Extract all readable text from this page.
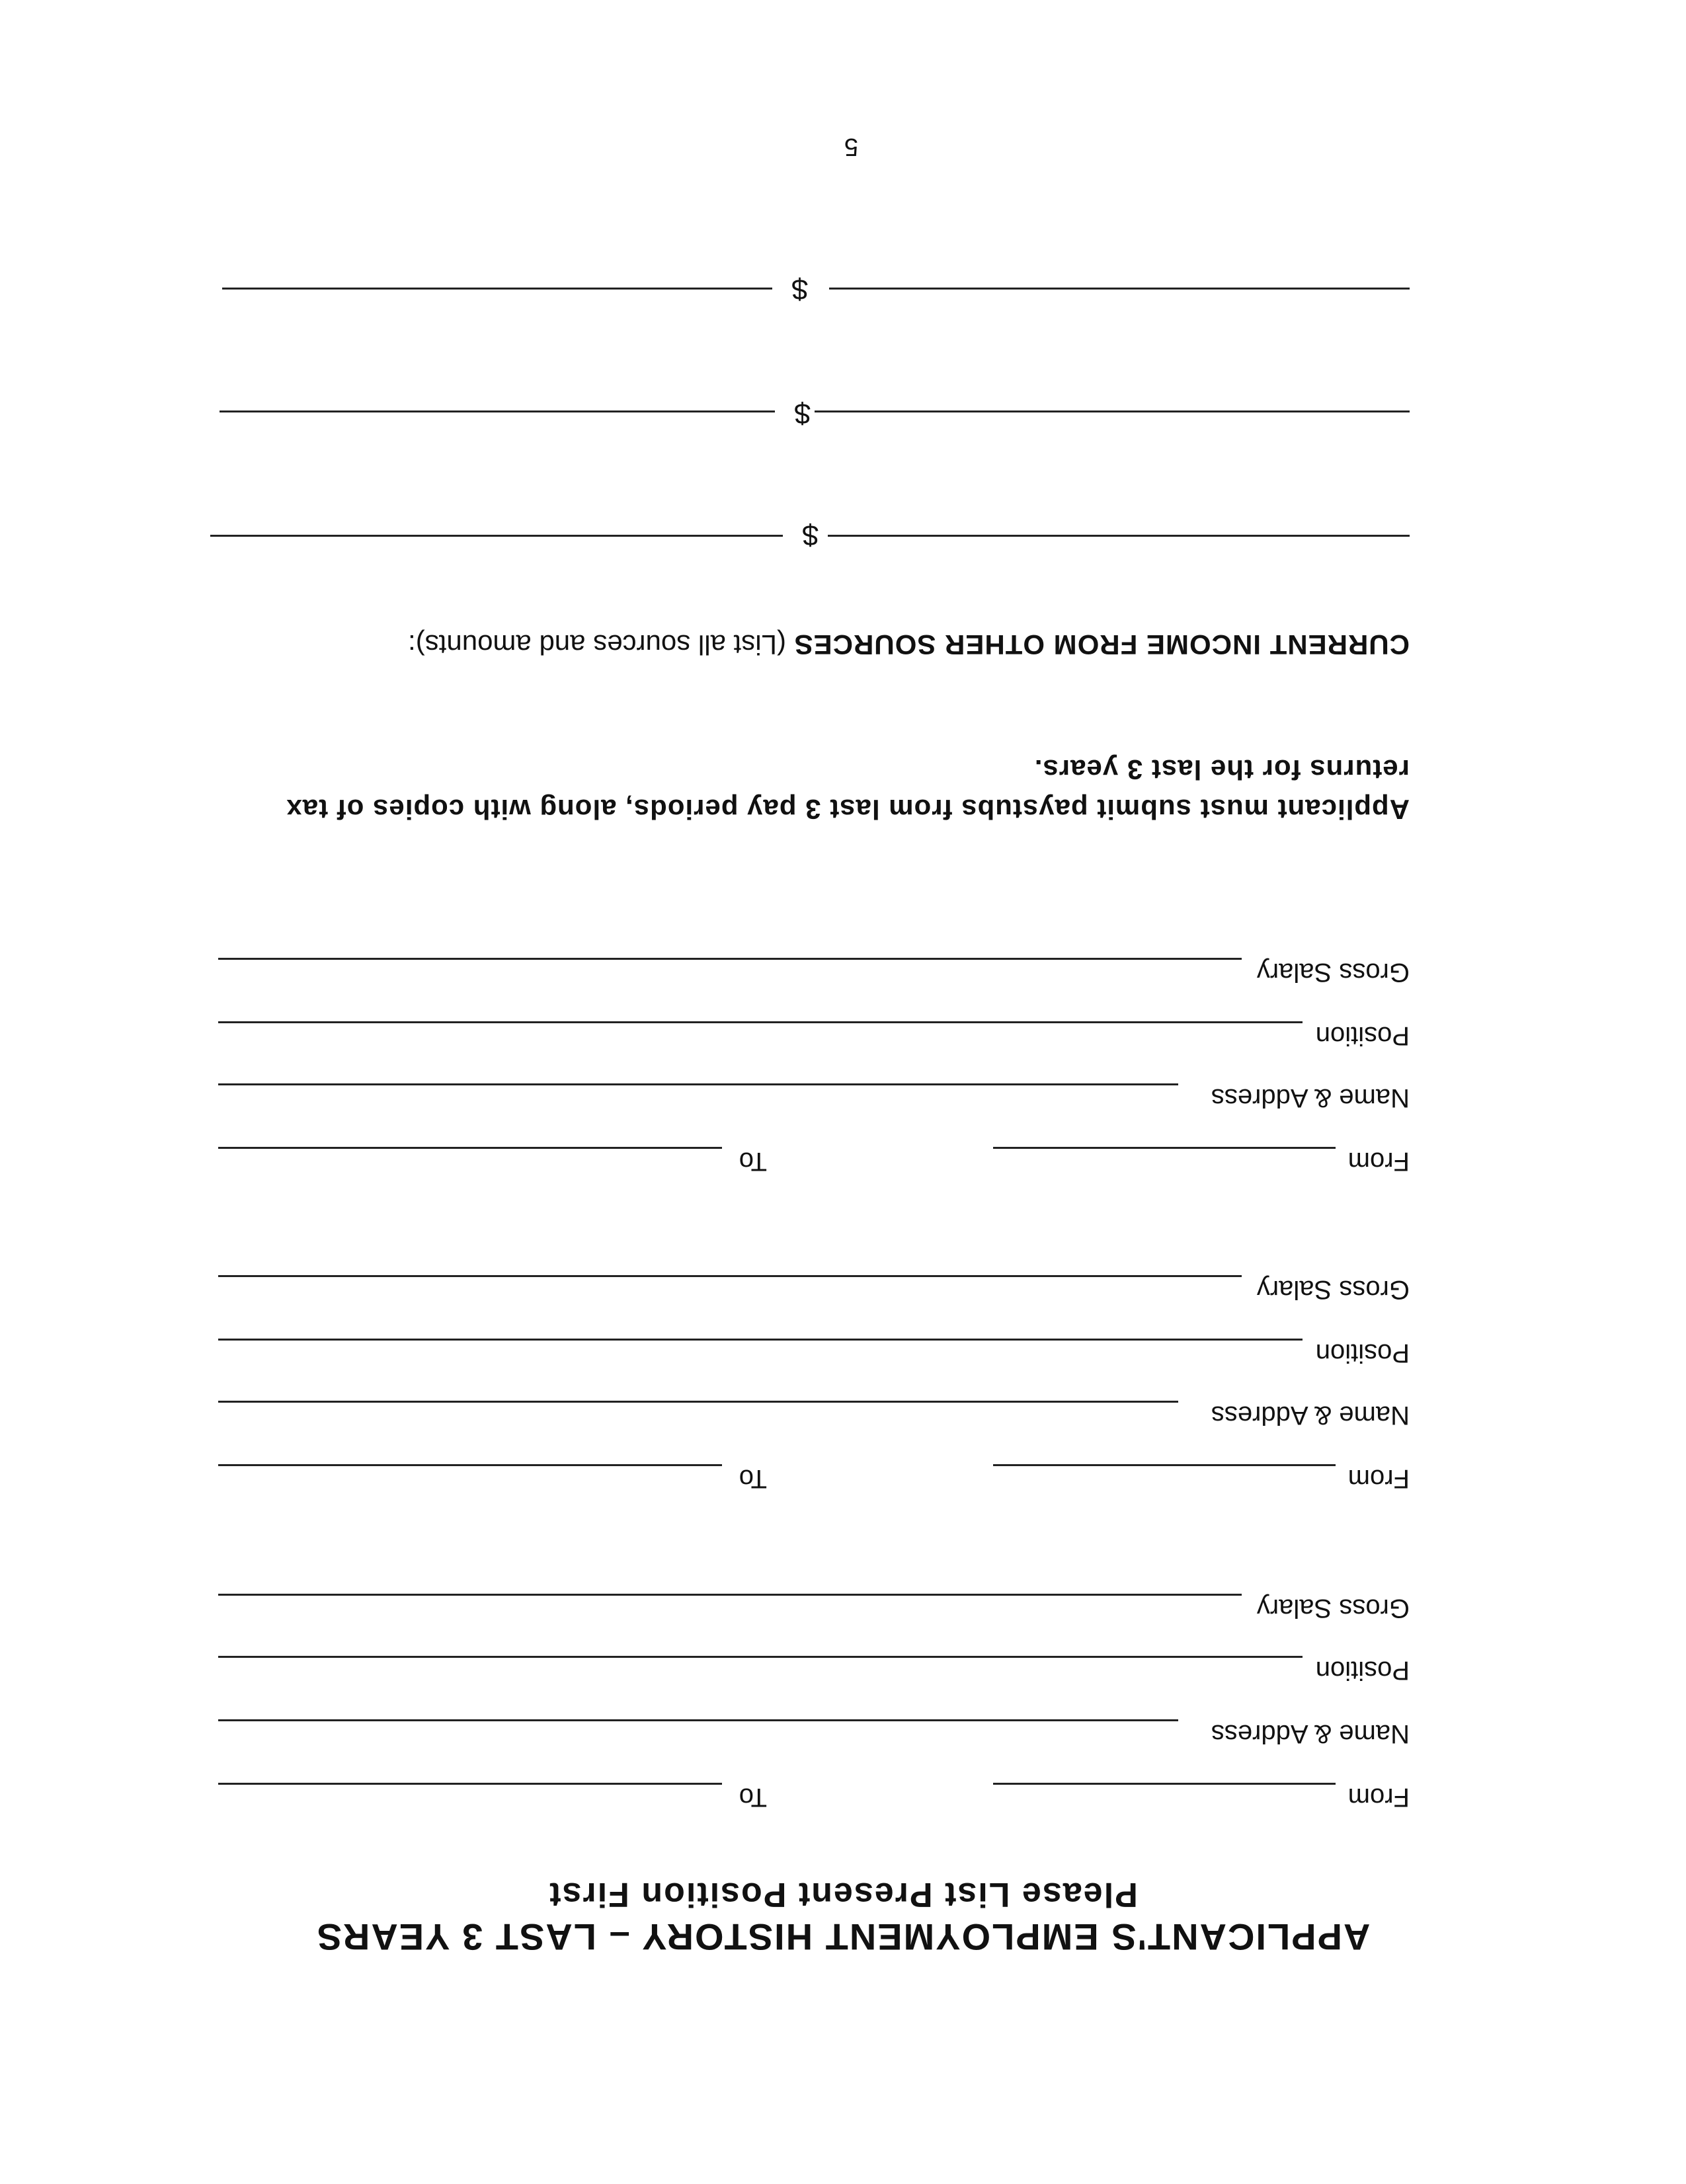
APPLICANT'S EMPLOYMENT HISTORY – LAST 3 YEARS
Please List Present Position First
From
To
Name & Address
Position
Gross Salary
From
To
Name & Address
Position
Gross Salary
From
To
Name & Address
Position
Gross Salary
Applicant must submit paystubs from last 3 pay periods, along with copies of tax returns for the last 3 years.
CURRENT INCOME FROM OTHER SOURCES (List all sources and amounts):
$
$
$
5
